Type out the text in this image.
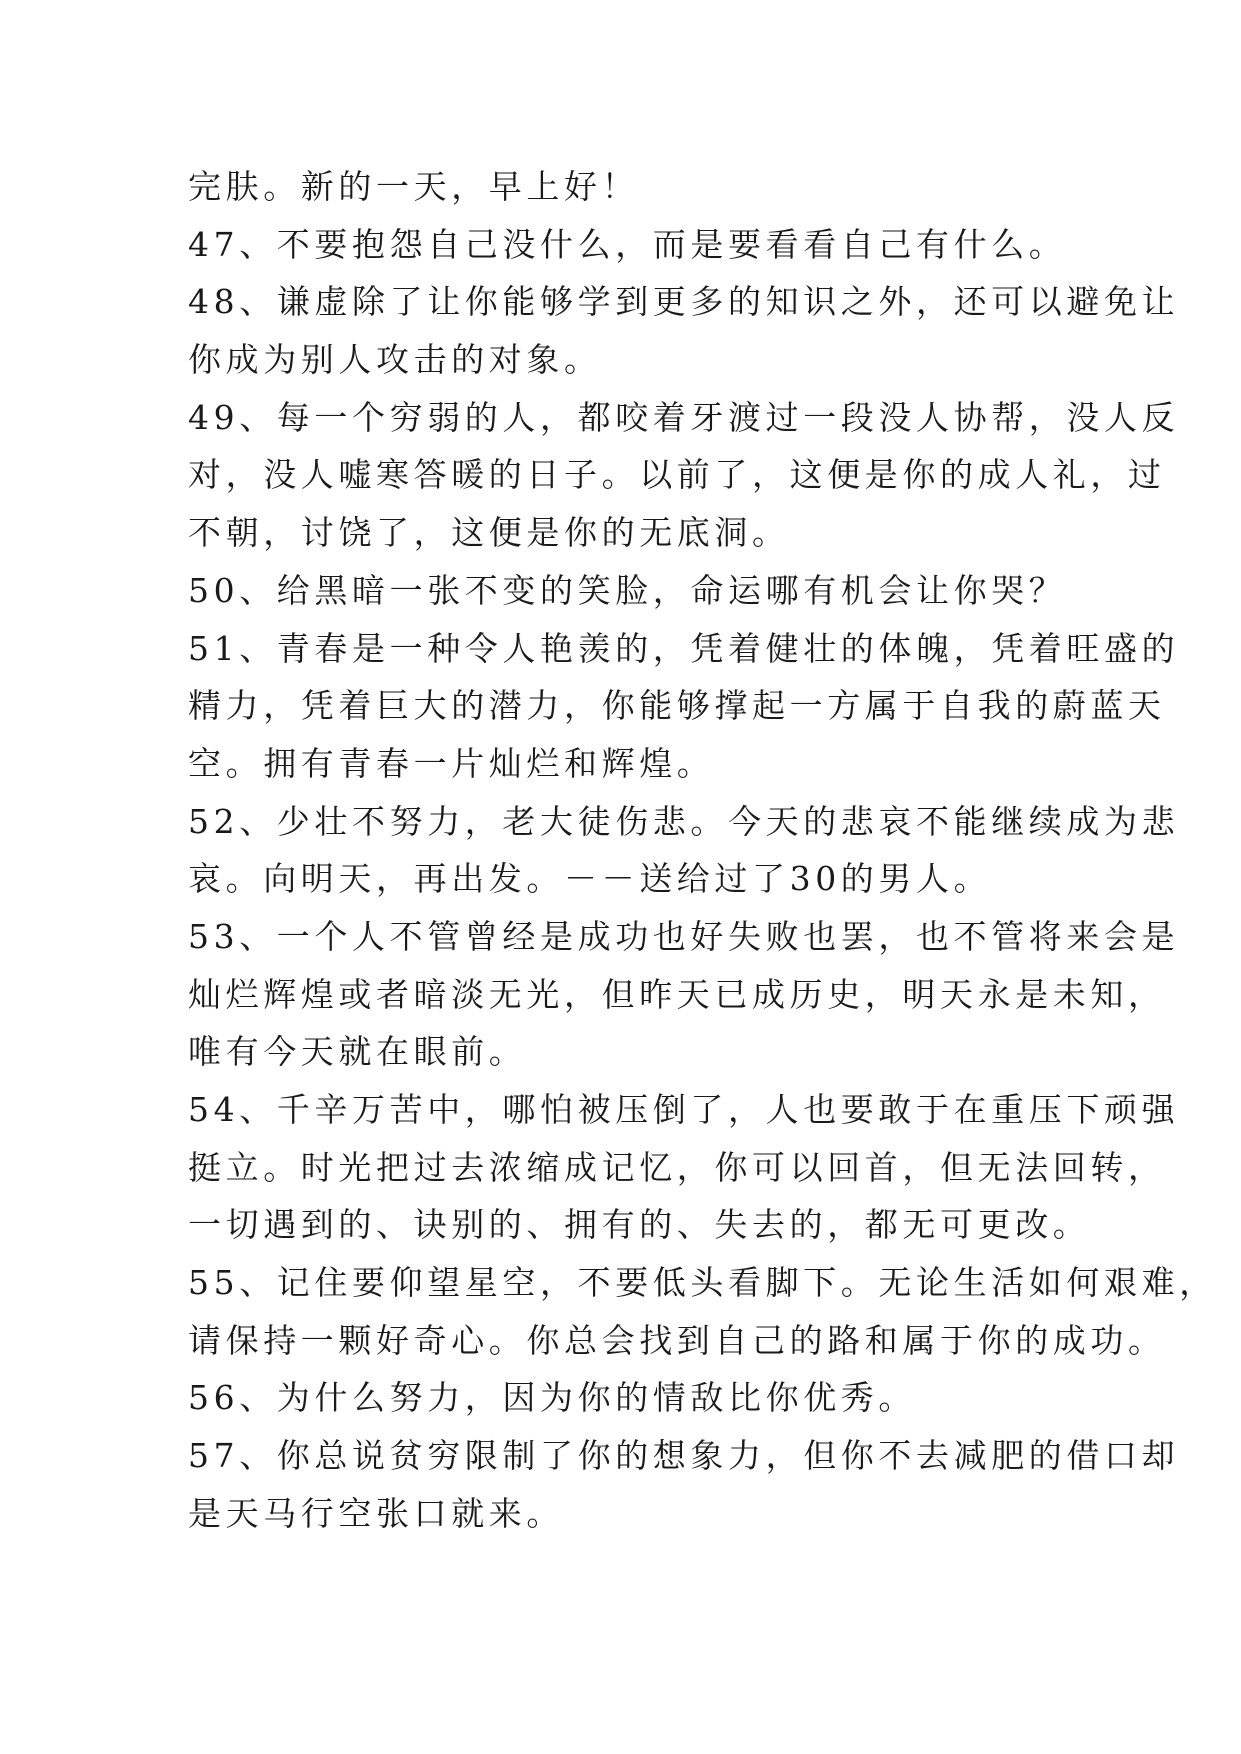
完肤。新的一天，早上好！
47、不要抱怨自己没什么，而是要看看自己有什么。
48、谦虚除了让你能够学到更多的知识之外，还可以避免让
你成为别人攻击的对象。
49、每一个穷弱的人，都咬着牙渡过一段没人协帮，没人反
对，没人嘘寒答暖的日子。以前了，这便是你的成人礼，过
不朝，讨饶了，这便是你的无底洞。
50、给黑暗一张不变的笑脸，命运哪有机会让你哭？
51、青春是一种令人艳羡的，凭着健壮的体魄，凭着旺盛的
精力，凭着巨大的潜力，你能够撑起一方属于自我的蔚蓝天
空。拥有青春一片灿烂和辉煌。
52、少壮不努力，老大徒伤悲。今天的悲哀不能继续成为悲
哀。向明天，再出发。－－送给过了30的男人。
53、一个人不管曾经是成功也好失败也罢，也不管将来会是
灿烂辉煌或者暗淡无光，但昨天已成历史，明天永是未知，
唯有今天就在眼前。
54、千辛万苦中，哪怕被压倒了，人也要敢于在重压下顽强
挺立。时光把过去浓缩成记忆，你可以回首，但无法回转，
一切遇到的、诀别的、拥有的、失去的，都无可更改。
55、记住要仰望星空，不要低头看脚下。无论生活如何艰难，
请保持一颗好奇心。你总会找到自己的路和属于你的成功。
56、为什么努力，因为你的情敌比你优秀。
57、你总说贫穷限制了你的想象力，但你不去减肥的借口却
是天马行空张口就来。
